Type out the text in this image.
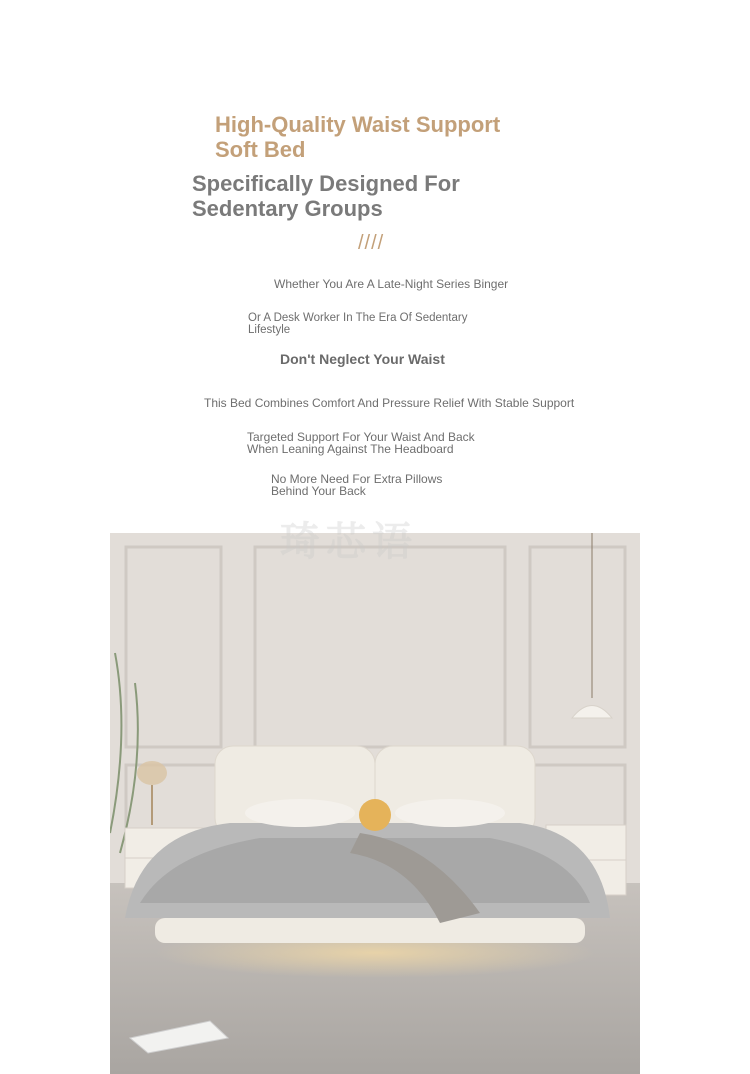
High-Quality Waist Support
Soft Bed
Specifically Designed For
Sedentary Groups
////
Whether You Are A Late-Night Series Binger
Or A Desk Worker In The Era Of Sedentary Lifestyle
Don't Neglect Your Waist
This Bed Combines Comfort And Pressure Relief With Stable Support
Targeted Support For Your Waist And Back When Leaning Against The Headboard
No More Need For Extra Pillows Behind Your Back
琦芯语
